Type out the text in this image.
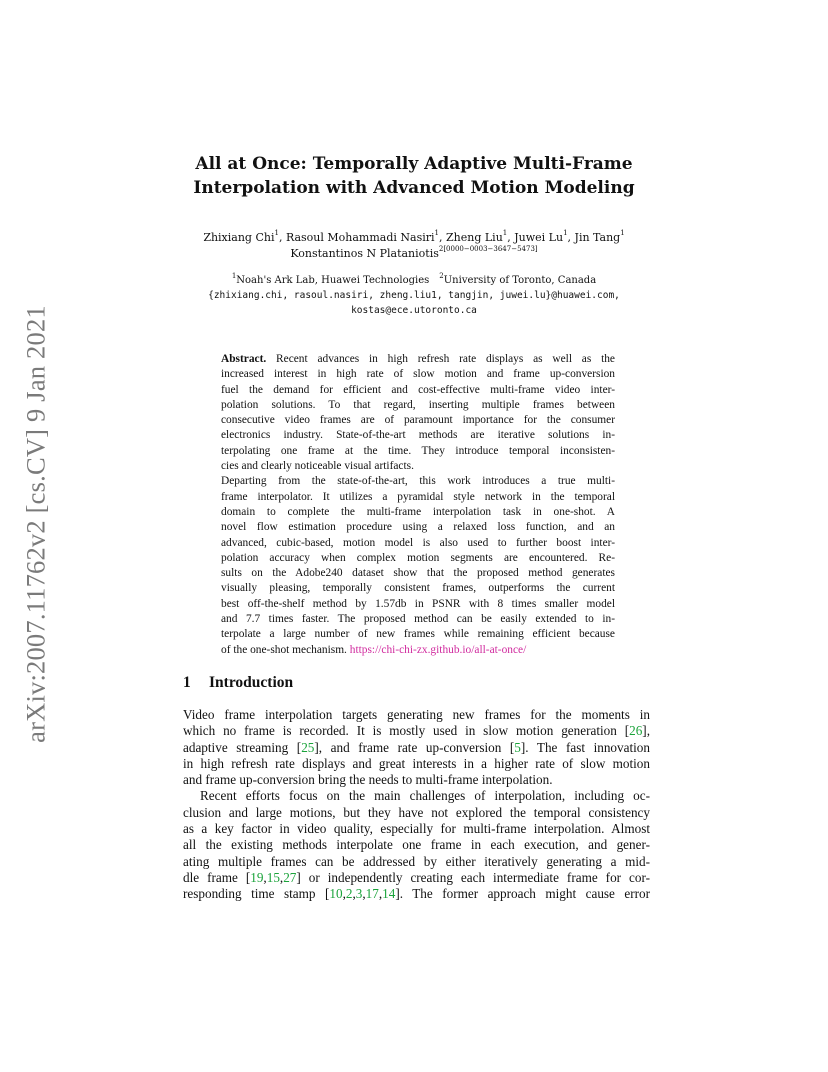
arXiv:2007.11762v2 [cs.CV] 9 Jan 2021
All at Once: Temporally Adaptive Multi-Frame
Interpolation with Advanced Motion Modeling
Zhixiang Chi$^1$, Rasoul Mohammadi Nasiri$^1$, Zheng Liu$^1$, Juwei Lu$^1$, Jin Tang$^1$
Konstantinos N Plataniotis$^{2[0000-0003-3647-5473]}$
$^1$Noah's Ark Lab, Huawei Technologies $^2$University of Toronto, Canada
{zhixiang.chi, rasoul.nasiri, zheng.liu1, tangjin, juwei.lu}@huawei.com,
kostas@ece.utoronto.ca
Abstract. Recent advances in high refresh rate displays as well as the
increased interest in high rate of slow motion and frame up-conversion
fuel the demand for efficient and cost-effective multi-frame video inter-
polation solutions. To that regard, inserting multiple frames between
consecutive video frames are of paramount importance for the consumer
electronics industry. State-of-the-art methods are iterative solutions in-
terpolating one frame at the time. They introduce temporal inconsisten-
cies and clearly noticeable visual artifacts.
Departing from the state-of-the-art, this work introduces a true multi-
frame interpolator. It utilizes a pyramidal style network in the temporal
domain to complete the multi-frame interpolation task in one-shot. A
novel flow estimation procedure using a relaxed loss function, and an
advanced, cubic-based, motion model is also used to further boost inter-
polation accuracy when complex motion segments are encountered. Re-
sults on the Adobe240 dataset show that the proposed method generates
visually pleasing, temporally consistent frames, outperforms the current
best off-the-shelf method by 1.57db in PSNR with 8 times smaller model
and 7.7 times faster. The proposed method can be easily extended to in-
terpolate a large number of new frames while remaining efficient because
of the one-shot mechanism. https://chi-chi-zx.github.io/all-at-once/
1 Introduction
Video frame interpolation targets generating new frames for the moments in
which no frame is recorded. It is mostly used in slow motion generation [26],
adaptive streaming [25], and frame rate up-conversion [5]. The fast innovation
in high refresh rate displays and great interests in a higher rate of slow motion
and frame up-conversion bring the needs to multi-frame interpolation.
Recent efforts focus on the main challenges of interpolation, including oc-
clusion and large motions, but they have not explored the temporal consistency
as a key factor in video quality, especially for multi-frame interpolation. Almost
all the existing methods interpolate one frame in each execution, and gener-
ating multiple frames can be addressed by either iteratively generating a mid-
dle frame [19,15,27] or independently creating each intermediate frame for cor-
responding time stamp [10,2,3,17,14]. The former approach might cause error
